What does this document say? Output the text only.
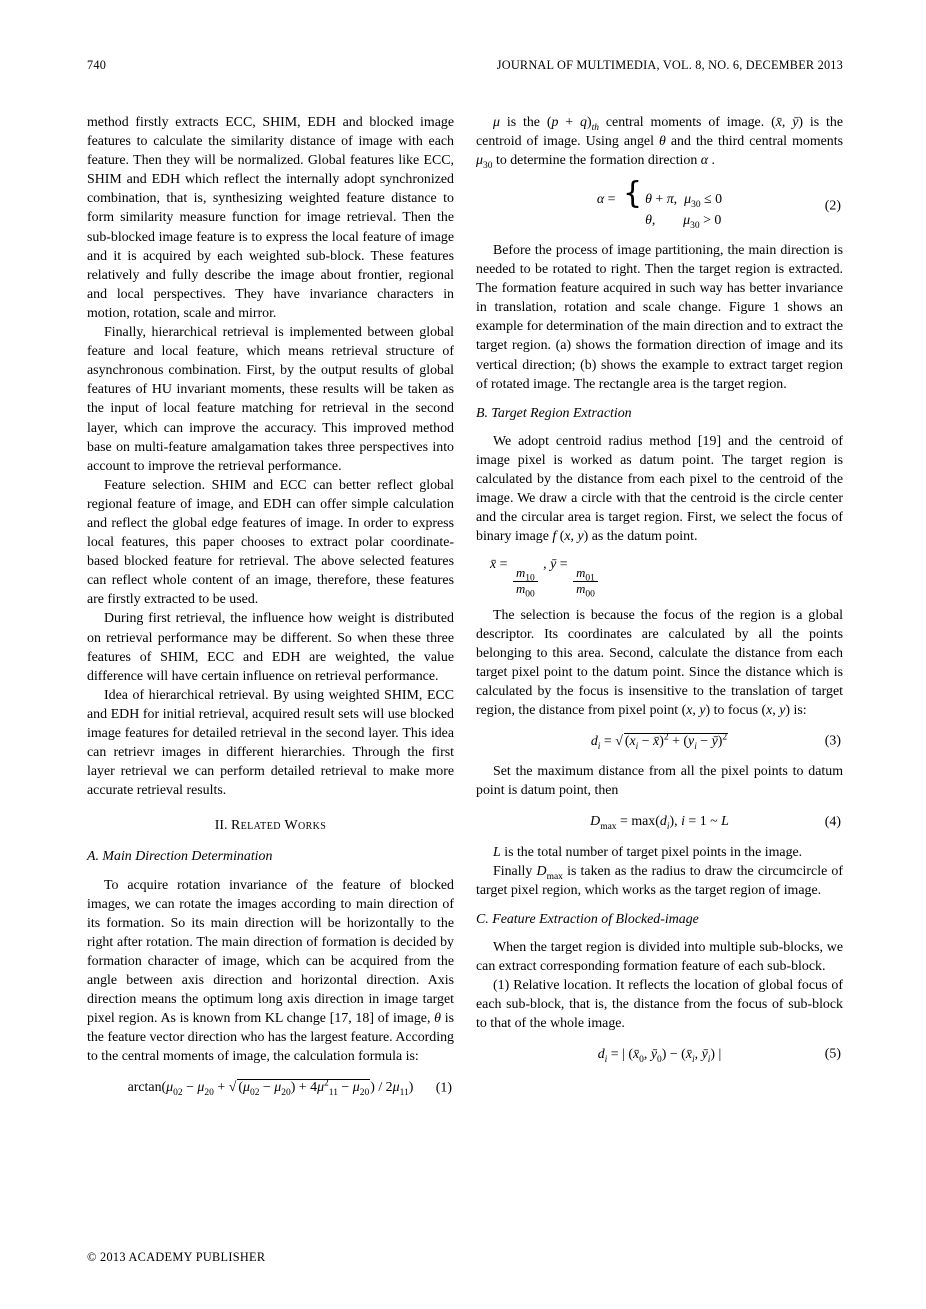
740	JOURNAL OF MULTIMEDIA, VOL. 8, NO. 6, DECEMBER 2013

method firstly extracts ECC, SHIM, EDH and blocked image features to calculate the similarity distance of image with each feature. Then they will be normalized. Global features like ECC, SHIM and EDH which reflect the internally adopt synchronized combination, that is, synthesizing weighted feature distance to form similarity measure function for image retrieval. Then the sub-blocked image feature is to express the local feature of image and it is acquired by each weighted sub-block. These features relatively and fully describe the image about frontier, regional and local perspectives. They have invariance characters in motion, rotation, scale and mirror.

Finally, hierarchical retrieval is implemented between global feature and local feature, which means retrieval structure of asynchronous combination. First, by the output results of global features of HU invariant moments, these results will be taken as the input of local feature matching for retrieval in the second layer, which can improve the accuracy. This improved method base on multi-feature amalgamation takes three perspectives into account to improve the retrieval performance.

Feature selection. SHIM and ECC can better reflect global regional feature of image, and EDH can offer simple calculation and reflect the global edge features of image. In order to express local features, this paper chooses to extract polar coordinate-based blocked feature for retrieval. The above selected features can reflect whole content of an image, therefore, these features are firstly extracted to be used.

During first retrieval, the influence how weight is distributed on retrieval performance may be different. So when these three features of SHIM, ECC and EDH are weighted, the value difference will have certain influence on retrieval performance.

Idea of hierarchical retrieval. By using weighted SHIM, ECC and EDH for initial retrieval, acquired result sets will use blocked image features for detailed retrieval in the second layer. This idea can retrievr images in different hierarchies. Through the first layer retrieval we can perform detailed retrieval to make more accurate retrieval results.

II. Related Works
A. Main Direction Determination

To acquire rotation invariance of the feature of blocked images, we can rotate the images according to main direction of its formation. So its main direction will be horizontally to the right after rotation. The main direction of formation is decided by formation character of image, which can be acquired from the angle between axis direction and horizontal direction. Axis direction means the optimum long axis direction in image target pixel region. As is known from KL change [17, 18] of image, θ is the feature vector direction who has the largest feature. According to the central moments of image, the calculation formula is:

$\arctan(\mu_{02} - \mu_{20}$ + √ $(\mu_{02} - \mu_{20}) + 4\mu^2_{11} - \mu_{20}) / 2\mu_{11}$) (1)

μ is the $(p + q)_{th}$ central moments of image. (x̄, ȳ) is the centroid of image. Using angel θ and the third central moments $\mu_{30}$ to determine the formation direction α .

α = { θ + π,  $\mu_{30} \le 0$
θ,        $\mu_{30} > 0$
(2)

Before the process of image partitioning, the main direction is needed to be rotated to right. Then the target region is extracted. The formation feature acquired in such way has better invariance in translation, rotation and scale change. Figure 1 shows an example for determination of the main direction and to extract the target region. (a) shows the formation direction of image and its vertical direction; (b) shows the example to extract target region of rotated image. The rectangle area is the target region.

B. Target Region Extraction

We adopt centroid radius method [19] and the centroid of image pixel is worked as datum point. The target region is calculated by the distance from each pixel to the centroid of the image. We draw a circle with that the centroid is the circle center and the circular area is target region. First, we select the focus of binary image f (x, y) as the datum point.

x̄ =
$\frac{m_{10}}{m_{00}}$
, ȳ =
$\frac{m_{01}}{m_{00}}$

The selection is because the focus of the region is a global descriptor. Its coordinates are calculated by all the points belonging to this area. Second, calculate the distance from each target pixel point to the datum point. Since the distance which is calculated by the focus is insensitive to the translation of target region, the distance from pixel point (x, y) to focus (x, y) is:

$d_i$ = √ ($x_i$ − x̄)$^2$ + ($y_i$ − ȳ)$^2$	(3)

Set the maximum distance from all the pixel points to datum point is datum point, then

$D_{max} = \max(d_i)$, i = 1 ~ L	(4)

L is the total number of target pixel points in the image.

Finally $D_{max}$ is taken as the radius to draw the circumcircle of target pixel region, which works as the target region of image.

C. Feature Extraction of Blocked-image

When the target region is divided into multiple sub-blocks, we can extract corresponding formation feature of each sub-block.

(1) Relative location. It reflects the location of global focus of each sub-block, that is, the distance from the focus of sub-block to that of the whole image.

$d_i$ = | ($x̄_0$, $ȳ_0$) − ($x̄_i$, $ȳ_i$) |	(5)
© 2013 ACADEMY PUBLISHER
